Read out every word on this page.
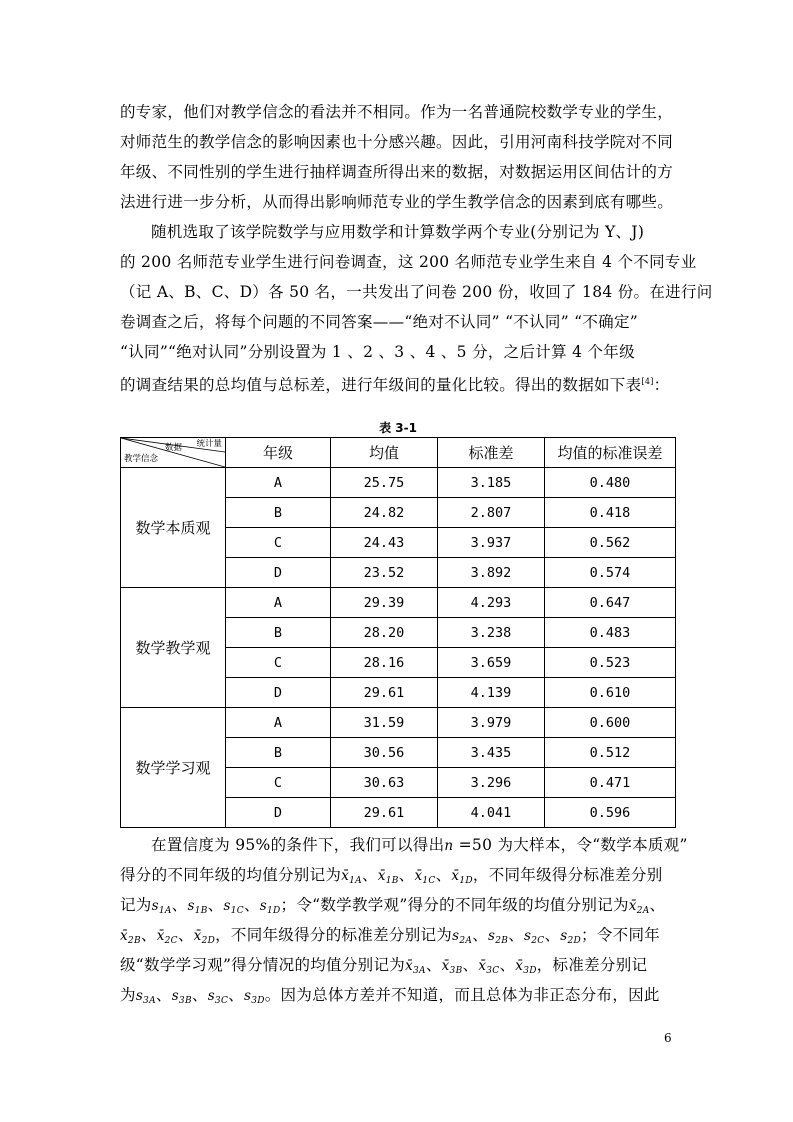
的专家，他们对教学信念的看法并不相同。作为一名普通院校数学专业的学生，
对师范生的教学信念的影响因素也十分感兴趣。因此，引用河南科技学院对不同
年级、不同性别的学生进行抽样调查所得出来的数据，对数据运用区间估计的方
法进行进一步分析，从而得出影响师范专业的学生教学信念的因素到底有哪些。
随机选取了该学院数学与应用数学和计算数学两个专业(分别记为 Y、J)
的 200 名师范专业学生进行问卷调查，这 200 名师范专业学生来自 4 个不同专业
（记 A、B、C、D）各 50 名，一共发出了问卷 200 份，收回了 184 份。在进行问
卷调查之后，将每个问题的不同答案——“绝对不认同” “不认同” “不确定”
“认同”“绝对认同”分别设置为 1 、2 、3 、4 、5 分，之后计算 4 个年级
的调查结果的总均值与总标差，进行年级间的量化比较。得出的数据如下表[4]：
表 3-1
统计量
数据
教学信念	年级	均值	标准差	均值的标准误差
数学本质观	A	25.75	3.185	0.480
	B	24.82	2.807	0.418
	C	24.43	3.937	0.562
	D	23.52	3.892	0.574
数学教学观	A	29.39	4.293	0.647
	B	28.20	3.238	0.483
	C	28.16	3.659	0.523
	D	29.61	4.139	0.610
数学学习观	A	31.59	3.979	0.600
	B	30.56	3.435	0.512
	C	30.63	3.296	0.471
	D	29.61	4.041	0.596
在置信度为 95%的条件下，我们可以得出n =50 为大样本，令“数学本质观”
得分的不同年级的均值分别记为$x̄_{1A}$、$x̄_{1B}$、$x̄_{1C}$、$x̄_{1D}$，不同年级得分标准差分别
记为$s_{1A}$、$s_{1B}$、$s_{1C}$、$s_{1D}$；令“数学教学观”得分的不同年级的均值分别记为$x̄_{2A}$、
$x̄_{2B}$、$x̄_{2C}$、$x̄_{2D}$，不同年级得分的标准差分别记为$s_{2A}$、$s_{2B}$、$s_{2C}$、$s_{2D}$；令不同年
级“数学学习观”得分情况的均值分别记为$x̄_{3A}$、$x̄_{3B}$、$x̄_{3C}$、$x̄_{3D}$，标准差分别记
为$s_{3A}$、$s_{3B}$、$s_{3C}$、$s_{3D}$。因为总体方差并不知道，而且总体为非正态分布，因此
6
